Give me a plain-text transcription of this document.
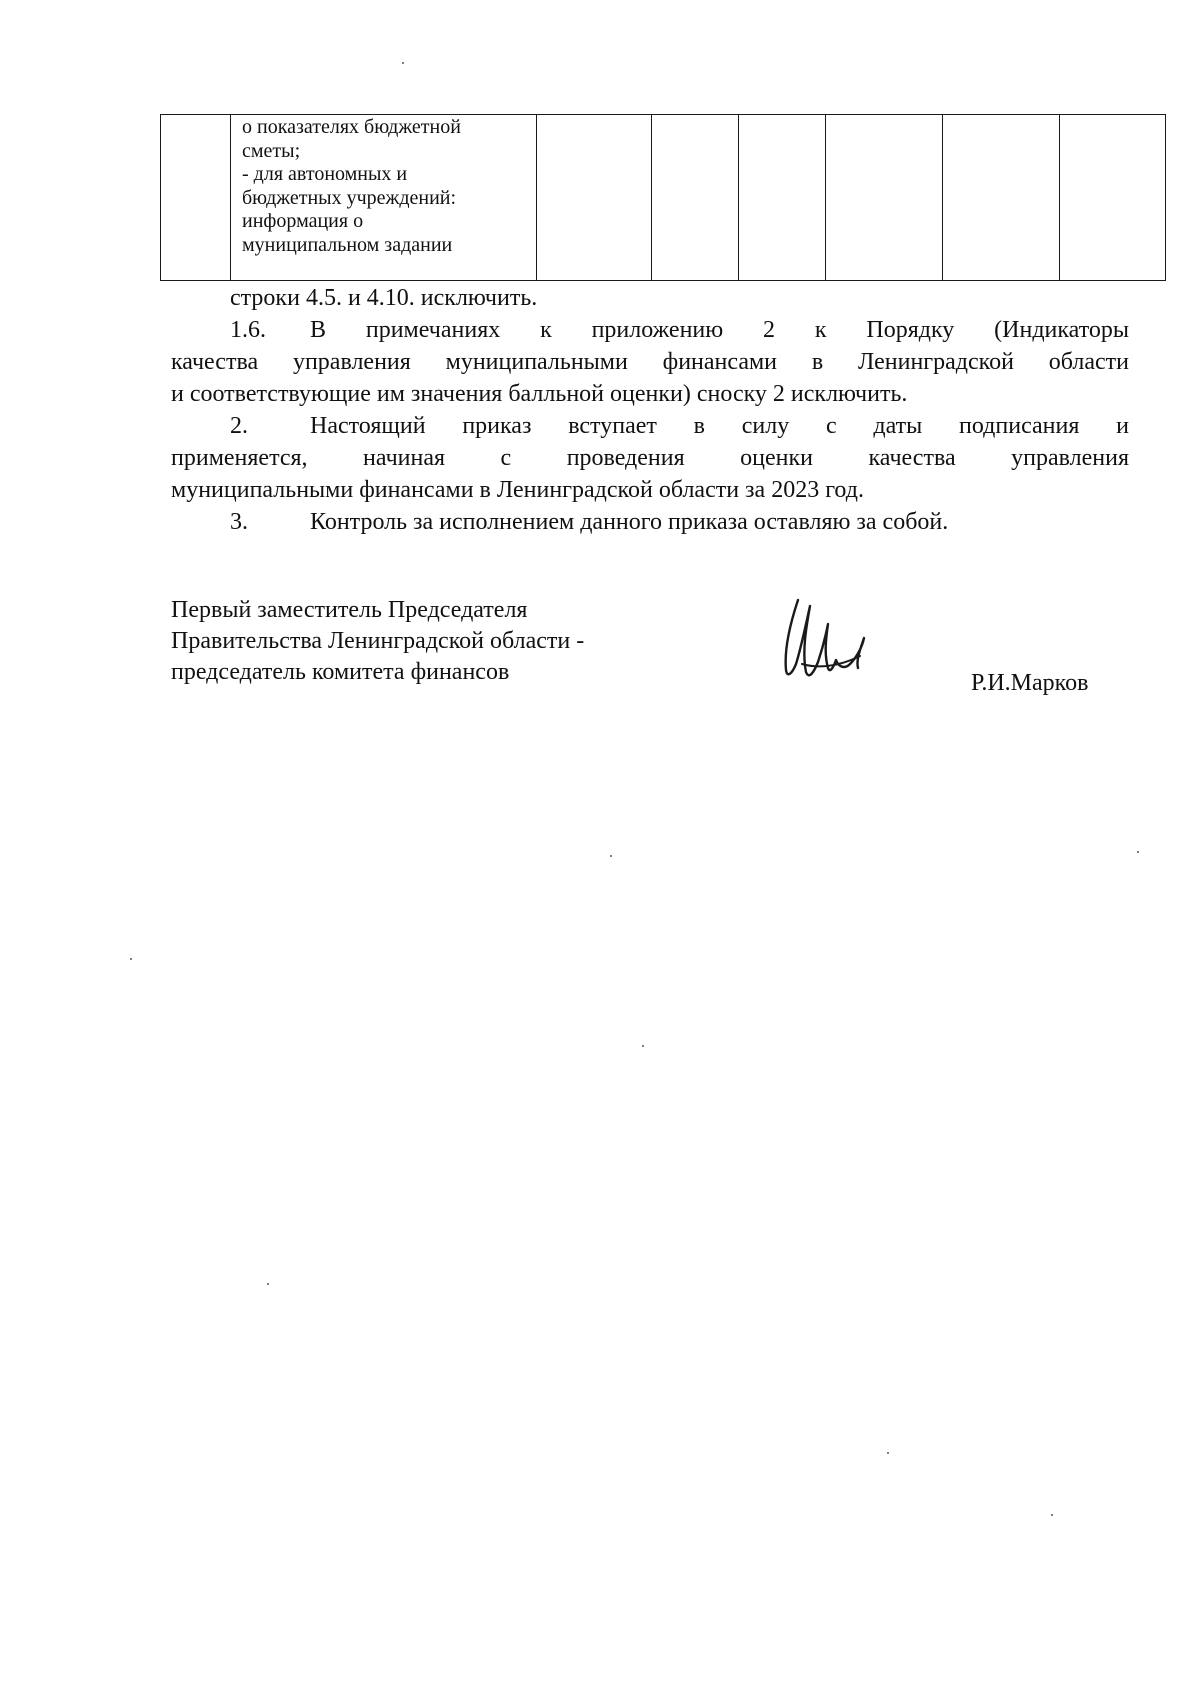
о показателях бюджетной
сметы;
- для автономных и
бюджетных учреждений:
информация о
муниципальном задании

строки 4.5. и 4.10. исключить.

1.6. В примечаниях к приложению 2 к Порядку (Индикаторы

качества управления муниципальными финансами в Ленинградской области

и соответствующие им значения балльной оценки) сноску 2 исключить.

2.	Настоящий приказ вступает в силу с даты подписания и

применяется, начиная с проведения оценки качества управления

муниципальными финансами в Ленинградской области за 2023 год.

3.	Контроль за исполнением данного приказа оставляю за собой.
Первый заместитель Председателя
Правительства Ленинградской области -
председатель комитета финансов	Р.И.Марков
